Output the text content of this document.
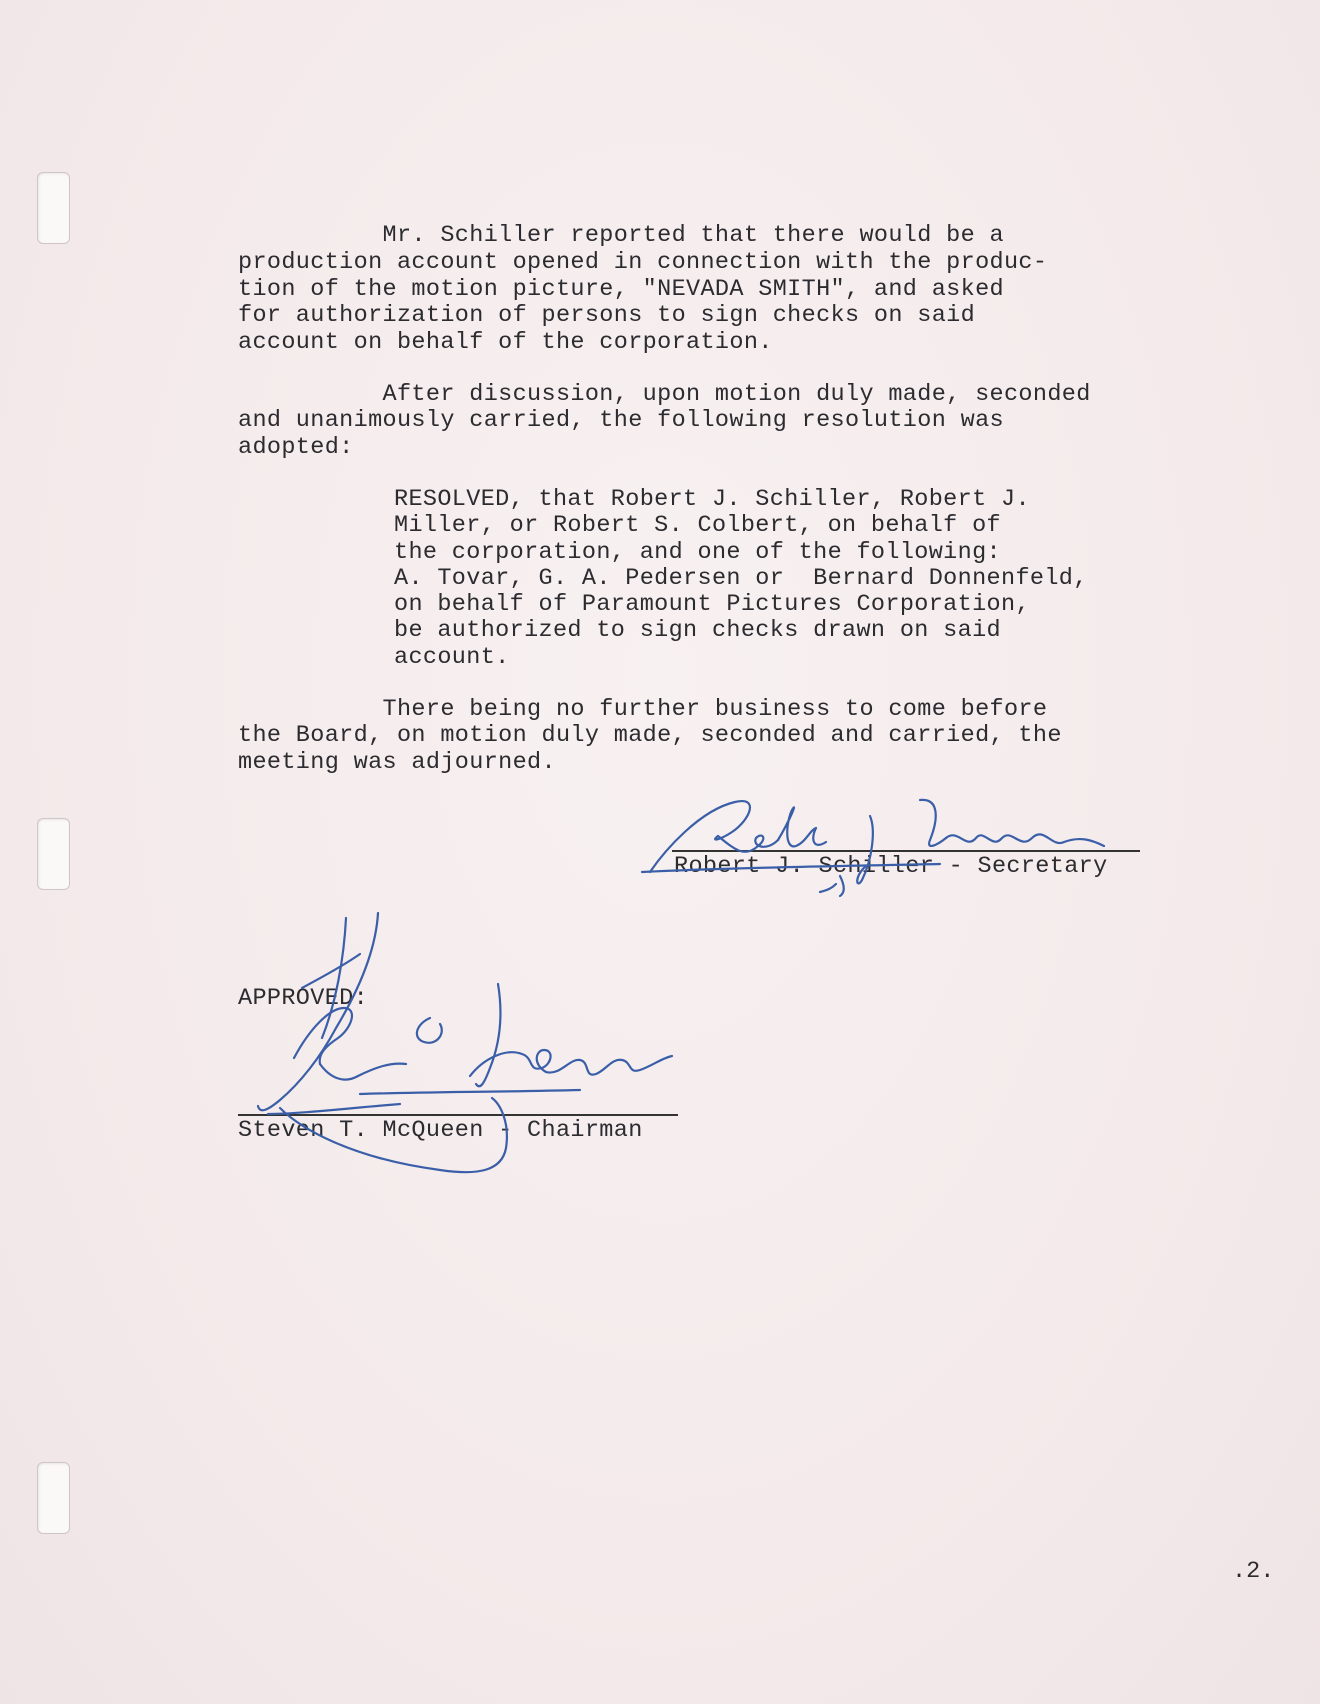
Mr. Schiller reported that there would be a
production account opened in connection with the produc-
tion of the motion picture, "NEVADA SMITH", and asked
for authorization of persons to sign checks on said
account on behalf of the corporation.
After discussion, upon motion duly made, seconded
and unanimously carried, the following resolution was
adopted:
RESOLVED, that Robert J. Schiller, Robert J.
Miller, or Robert S. Colbert, on behalf of
the corporation, and one of the following:
A. Tovar, G. A. Pedersen or  Bernard Donnenfeld,
on behalf of Paramount Pictures Corporation,
be authorized to sign checks drawn on said
account.
There being no further business to come before
the Board, on motion duly made, seconded and carried, the
meeting was adjourned.
Robert J. Schiller - Secretary
APPROVED:
Steven T. McQueen - Chairman
.2.
